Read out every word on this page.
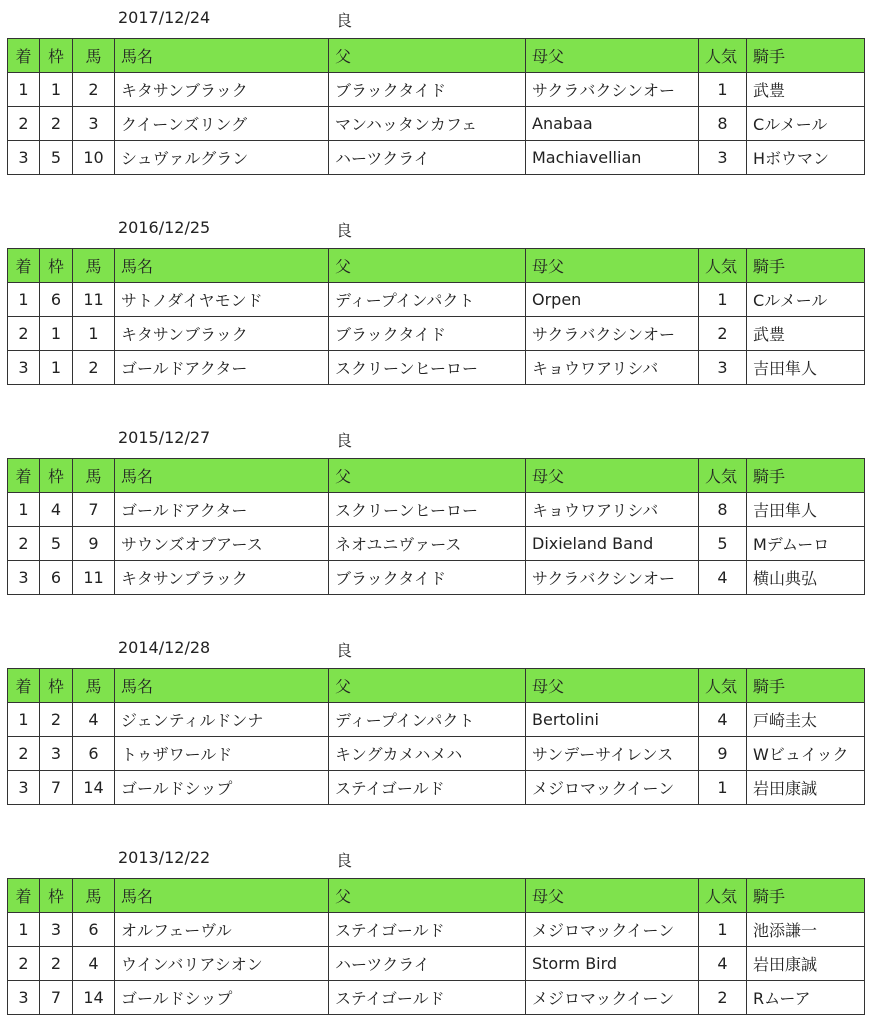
2017/12/24	良
着	枠	馬	馬名	父	母父	人気	騎手
1	1	2	キタサンブラック	ブラックタイド	サクラバクシンオー	1	武豊
2	2	3	クイーンズリング	マンハッタンカフェ	Anabaa	8	Cルメール
3	5	10	シュヴァルグラン	ハーツクライ	Machiavellian	3	Hボウマン
2016/12/25	良
着	枠	馬	馬名	父	母父	人気	騎手
1	6	11	サトノダイヤモンド	ディープインパクト	Orpen	1	Cルメール
2	1	1	キタサンブラック	ブラックタイド	サクラバクシンオー	2	武豊
3	1	2	ゴールドアクター	スクリーンヒーロー	キョウワアリシバ	3	吉田隼人
2015/12/27	良
着	枠	馬	馬名	父	母父	人気	騎手
1	4	7	ゴールドアクター	スクリーンヒーロー	キョウワアリシバ	8	吉田隼人
2	5	9	サウンズオブアース	ネオユニヴァース	Dixieland Band	5	Mデムーロ
3	6	11	キタサンブラック	ブラックタイド	サクラバクシンオー	4	横山典弘
2014/12/28	良
着	枠	馬	馬名	父	母父	人気	騎手
1	2	4	ジェンティルドンナ	ディープインパクト	Bertolini	4	戸崎圭太
2	3	6	トゥザワールド	キングカメハメハ	サンデーサイレンス	9	Wビュイック
3	7	14	ゴールドシップ	ステイゴールド	メジロマックイーン	1	岩田康誠
2013/12/22	良
着	枠	馬	馬名	父	母父	人気	騎手
1	3	6	オルフェーヴル	ステイゴールド	メジロマックイーン	1	池添謙一
2	2	4	ウインバリアシオン	ハーツクライ	Storm Bird	4	岩田康誠
3	7	14	ゴールドシップ	ステイゴールド	メジロマックイーン	2	Rムーア
